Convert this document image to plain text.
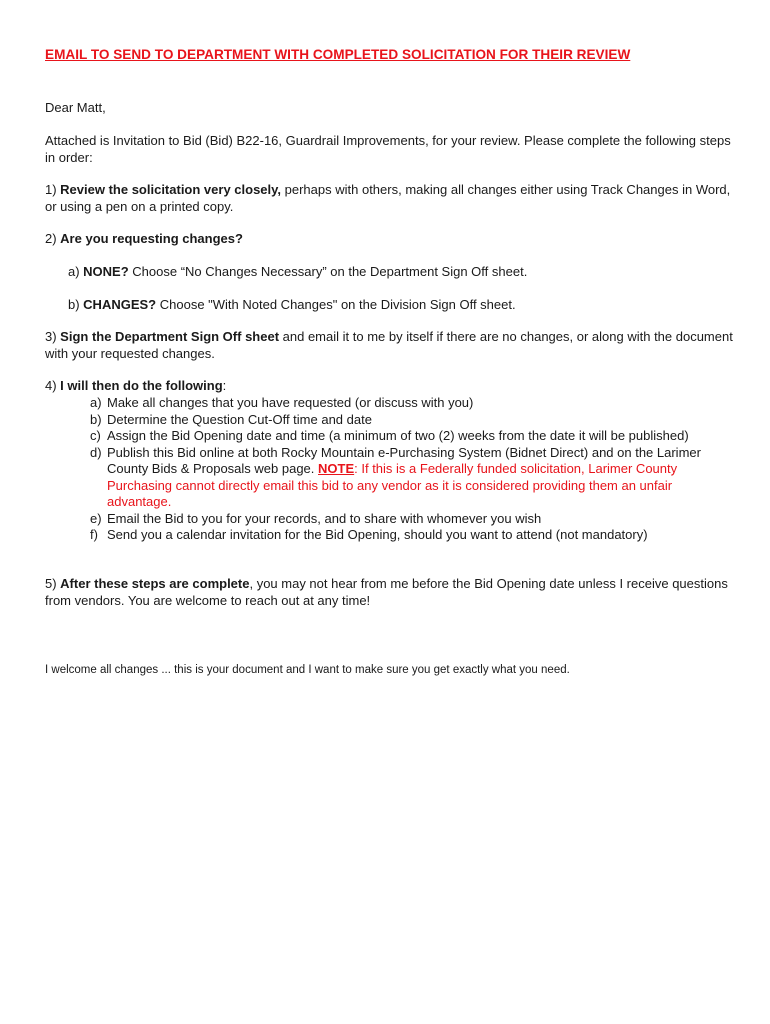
EMAIL TO SEND TO DEPARTMENT WITH COMPLETED SOLICITATION FOR THEIR REVIEW

Dear Matt,

Attached is Invitation to Bid (Bid) B22-16, Guardrail Improvements, for your review. Please complete the following steps in order:

1) Review the solicitation very closely, perhaps with others, making all changes either using Track Changes in Word, or using a pen on a printed copy.

2) Are you requesting changes?

a) NONE? Choose “No Changes Necessary” on the Department Sign Off sheet.

b) CHANGES? Choose "With Noted Changes" on the Division Sign Off sheet.

3) Sign the Department Sign Off sheet and email it to me by itself if there are no changes, or along with the document with your requested changes.

4) I will then do the following:

a) Make all changes that you have requested (or discuss with you)
b) Determine the Question Cut-Off time and date
c) Assign the Bid Opening date and time (a minimum of two (2) weeks from the date it will be published)
d) Publish this Bid online at both Rocky Mountain e-Purchasing System (Bidnet Direct) and on the Larimer County Bids & Proposals web page. NOTE: If this is a Federally funded solicitation, Larimer County Purchasing cannot directly email this bid to any vendor as it is considered providing them an unfair advantage.
e) Email the Bid to you for your records, and to share with whomever you wish
f) Send you a calendar invitation for the Bid Opening, should you want to attend (not mandatory)

5) After these steps are complete, you may not hear from me before the Bid Opening date unless I receive questions from vendors. You are welcome to reach out at any time!

I welcome all changes ... this is your document and I want to make sure you get exactly what you need.
